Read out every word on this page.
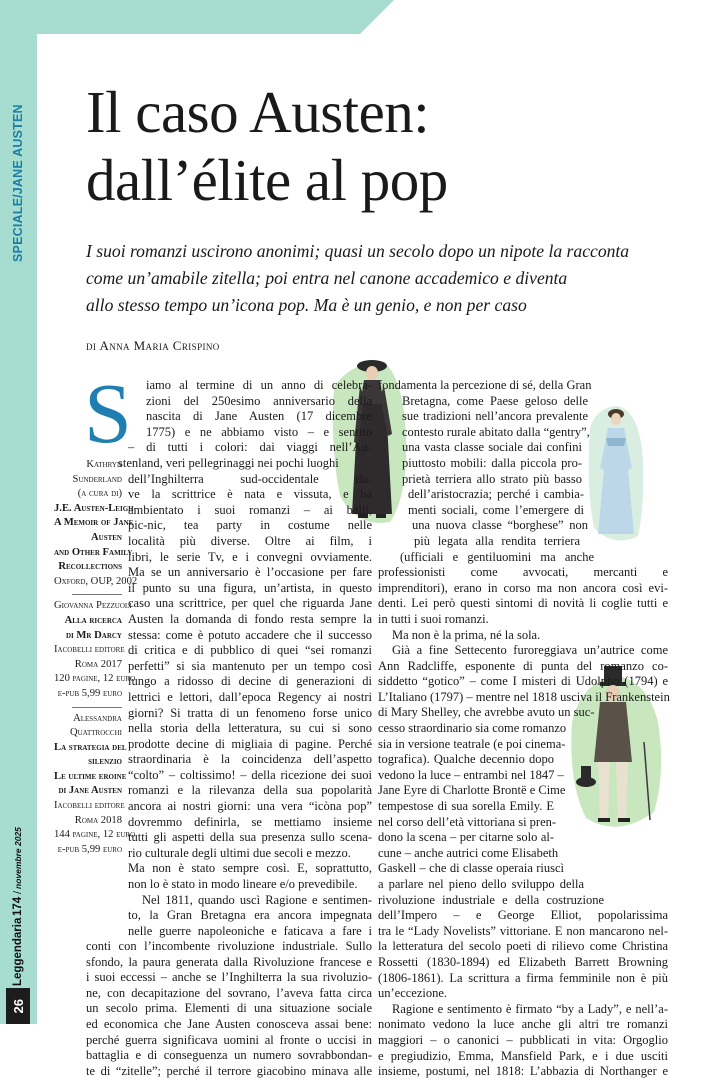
SPECIALE/JANE AUSTEN
Leggendaria
174
/
novembre 2025
26
Il caso Austen:
dall’élite al pop
I suoi romanzi uscirono anonimi; quasi un secolo dopo un nipote la racconta
come un’amabile zitella; poi entra nel canone accademico e diventa
allo stesso tempo un’icona pop. Ma è un genio, e non per caso
di Anna Maria Crispino
S iamo al termine di un anno di celebra-
zioni del 250esimo anniversario della
nascita di Jane Austen (17 dicembre
1775) e ne abbiamo visto – e sentito
– di tutti i colori: dai viaggi nell’Au-
stenland, veri pellegrinaggi nei pochi luoghi
dell’Inghilterra sud-occidentale do-
ve la scrittrice è nata e vissuta, e ha
ambientato i suoi romanzi – ai balli,
pic-nic, tea party in costume nelle
località più diverse. Oltre ai film, i
libri, le serie Tv, e i convegni ovviamente.
Ma se un anniversario è l’occasione per fare
il punto su una figura, un’artista, in questo
caso una scrittrice, per quel che riguarda Jane
Austen la domanda di fondo resta sempre la
stessa: come è potuto accadere che il successo
di critica e di pubblico di quei “sei romanzi
perfetti” si sia mantenuto per un tempo così
lungo a ridosso di decine di generazioni di
lettrici e lettori, dall’epoca Regency ai nostri
giorni? Si tratta di un fenomeno forse unico
nella storia della letteratura, su cui si sono
prodotte decine di migliaia di pagine. Perché
straordinaria è la coincidenza dell’aspetto
“colto” – coltissimo! – della ricezione dei suoi
romanzi e la rilevanza della sua popolarità
ancora ai nostri giorni: una vera “icòna pop”
dovremmo definirla, se mettiamo insieme
tutti gli aspetti della sua presenza sullo scena-
rio culturale degli ultimi due secoli e mezzo.
Ma non è stato sempre così. E, soprattutto,
non lo è stato in modo lineare e/o prevedibile.
Nel 1811, quando uscì Ragione e sentimen-
to, la Gran Bretagna era ancora impegnata
nelle guerre napoleoniche e faticava a fare i
conti con l’incombente rivoluzione industriale. Sullo
sfondo, la paura generata dalla Rivoluzione francese e
i suoi eccessi – anche se l’Inghilterra la sua rivoluzio-
ne, con decapitazione del sovrano, l’aveva fatta circa
un secolo prima. Elementi di una situazione sociale
ed economica che Jane Austen conosceva assai bene:
perché guerra significava uomini al fronte o uccisi in
battaglia e di conseguenza un numero sovrabbondan-
te di “zitelle”; perché il terrore giacobino minava alle
Kathryn
Sunderland
(a cura di)
J.E. Austen-Leigh
A Memoir of Jane
Austen
and Other Family
Recollections
Oxford, OUP, 2002
Giovanna Pezzuoli
Alla ricerca
di Mr Darcy
Iacobelli editore
Roma 2017
120 pagine, 12 euro
e-pub 5,99 euro
Alessandra
Quattrocchi
La strategia del
silenzio
Le ultime eroine
di Jane Austen
Iacobelli editore
Roma 2018
144 pagine, 12 euro
e-pub 5,99 euro
fondamenta la percezione di sé, della Gran
Bretagna, come Paese geloso delle
sue tradizioni nell’ancora prevalente
contesto rurale abitato dalla “gentry”,
una vasta classe sociale dai confini
piuttosto mobili: dalla piccola pro-
prietà terriera allo strato più basso
dell’aristocrazia; perché i cambia-
menti sociali, come l’emergere di
una nuova classe “borghese” non
più legata alla rendita terriera
(ufficiali e gentiluomini ma anche
professionisti come avvocati, mercanti e
imprenditori), erano in corso ma non ancora così evi-
denti. Lei però questi sintomi di novità li coglie tutti e
in tutti i suoi romanzi.
Ma non è la prima, né la sola.
Già a fine Settecento furoreggiava un’autrice come
Ann Radcliffe, esponente di punta del romanzo co-
siddetto “gotico” – come I misteri di Udolpho (1794) e
L’Italiano (1797) – mentre nel 1818 usciva il Frankenstein
di Mary Shelley, che avrebbe avuto un suc-
cesso straordinario sia come romanzo
sia in versione teatrale (e poi cinema-
tografica). Qualche decennio dopo
vedono la luce – entrambi nel 1847 –
Jane Eyre di Charlotte Brontë e Cime
tempestose di sua sorella Emily. E
nel corso dell’età vittoriana si pren-
dono la scena – per citarne solo al-
cune – anche autrici come Elisabeth
Gaskell – che di classe operaia riuscì
a parlare nel pieno dello sviluppo della
rivoluzione industriale e della costruzione
dell’Impero – e George Elliot, popolarissima
tra le “Lady Novelists” vittoriane. E non mancarono nel-
la letteratura del secolo poeti di rilievo come Christina
Rossetti (1830-1894) ed Elizabeth Barrett Browning
(1806-1861). La scrittura a firma femminile non è più
un’eccezione.
Ragione e sentimento è firmato “by a Lady”, e nell’a-
nonimato vedono la luce anche gli altri tre romanzi
maggiori – o canonici – pubblicati in vita: Orgoglio
e pregiudizio, Emma, Mansfield Park, e i due usciti
insieme, postumi, nel 1818: L’abbazia di Northanger e
